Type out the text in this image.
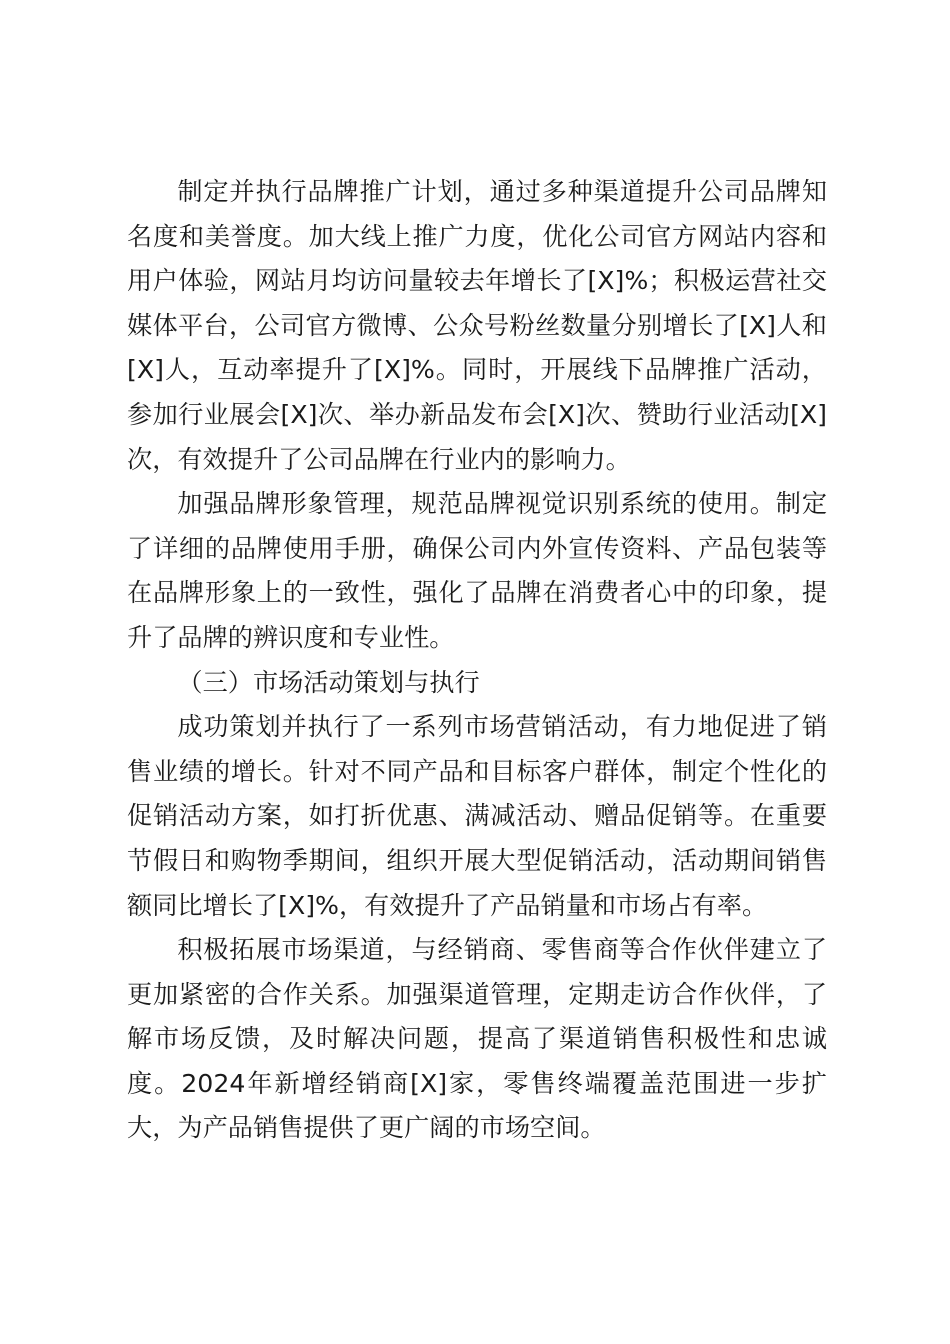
制定并执行品牌推广计划，通过多种渠道提升公司品牌知名度和美誉度。加大线上推广力度，优化公司官方网站内容和用户体验，网站月均访问量较去年增长了[X]%；积极运营社交媒体平台，公司官方微博、公众号粉丝数量分别增长了[X]人和[X]人，互动率提升了[X]%。同时，开展线下品牌推广活动，参加行业展会[X]次、举办新品发布会[X]次、赞助行业活动[X]次，有效提升了公司品牌在行业内的影响力。

加强品牌形象管理，规范品牌视觉识别系统的使用。制定了详细的品牌使用手册，确保公司内外宣传资料、产品包装等在品牌形象上的一致性，强化了品牌在消费者心中的印象，提升了品牌的辨识度和专业性。

（三）市场活动策划与执行

成功策划并执行了一系列市场营销活动，有力地促进了销售业绩的增长。针对不同产品和目标客户群体，制定个性化的促销活动方案，如打折优惠、满减活动、赠品促销等。在重要节假日和购物季期间，组织开展大型促销活动，活动期间销售额同比增长了[X]%，有效提升了产品销量和市场占有率。

积极拓展市场渠道，与经销商、零售商等合作伙伴建立了更加紧密的合作关系。加强渠道管理，定期走访合作伙伴，了解市场反馈，及时解决问题，提高了渠道销售积极性和忠诚度。2024年新增经销商[X]家，零售终端覆盖范围进一步扩大，为产品销售提供了更广阔的市场空间。
